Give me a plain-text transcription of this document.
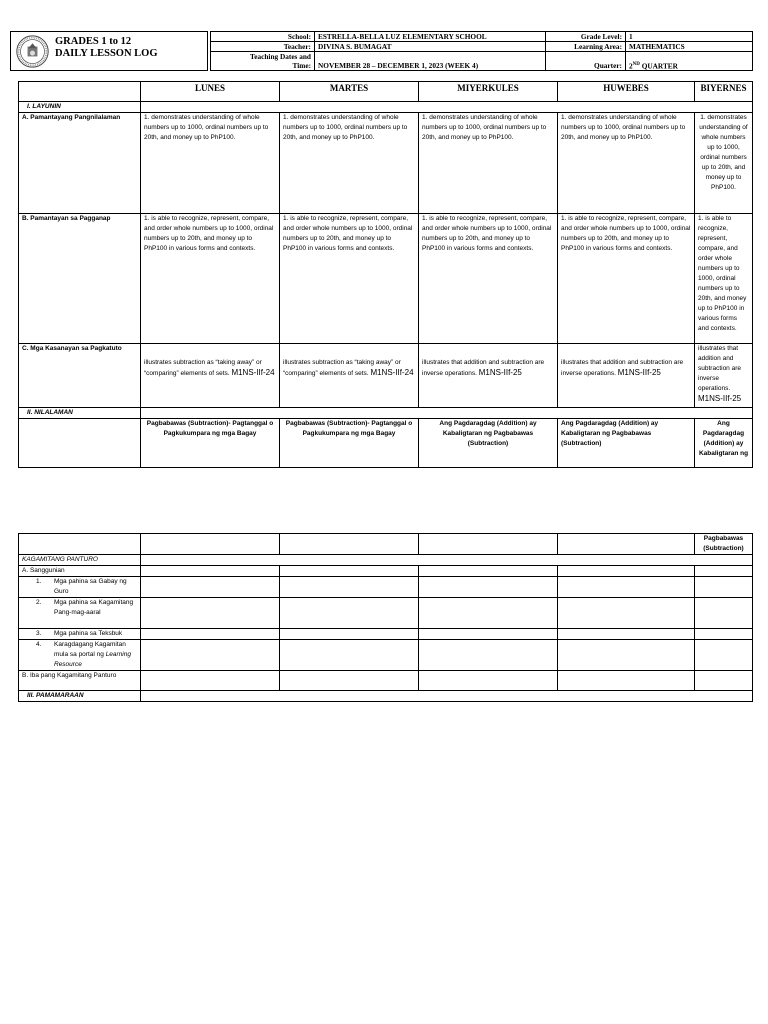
GRADES 1 to 12
DAILY LESSON LOG
School:	ESTRELLA-BELLA LUZ ELEMENTARY SCHOOL	Grade Level:	1
Teacher:	DIVINA S. BUMAGAT	Learning Area:	MATHEMATICS

Teaching Dates and
Time:	NOVEMBER 28 – DECEMBER 1, 2023 (WEEK 4)	Quarter:	2ND QUARTER
	LUNES	MARTES	MIYERKULES	HUWEBES	BIYERNES
I. LAYUNIN					
A. Pamantayang Pangnilalaman	1. demonstrates understanding of whole numbers up to 1000, ordinal numbers up to 20th, and money up to PhP100.	1. demonstrates understanding of whole numbers up to 1000, ordinal numbers up to 20th, and money up to PhP100.	1. demonstrates understanding of whole numbers up to 1000, ordinal numbers up to 20th, and money up to PhP100.	1. demonstrates understanding of whole numbers up to 1000, ordinal numbers up to 20th, and money up to PhP100.	1. demonstrates understanding of whole numbers up to 1000, ordinal numbers up to 20th, and money up to PhP100.
B. Pamantayan sa Pagganap	1. is able to recognize, represent, compare, and order whole numbers up to 1000, ordinal numbers up to 20th, and money up to PhP100 in various forms and contexts.	1. is able to recognize, represent, compare, and order whole numbers up to 1000, ordinal numbers up to 20th, and money up to PhP100 in various forms and contexts.	1. is able to recognize, represent, compare, and order whole numbers up to 1000, ordinal numbers up to 20th, and money up to PhP100 in various forms and contexts.	1. is able to recognize, represent, compare, and order whole numbers up to 1000, ordinal numbers up to 20th, and money up to PhP100 in various forms and contexts.	1. is able to recognize, represent, compare, and order whole numbers up to 1000, ordinal numbers up to 20th, and money up to PhP100 in various forms and contexts.
C. Mga Kasanayan sa Pagkatuto	illustrates subtraction as “taking away” or “comparing” elements of sets. M1NS-IIf-24	illustrates subtraction as “taking away” or “comparing” elements of sets. M1NS-IIf-24	illustrates that addition and subtraction are inverse operations. M1NS-IIf-25	illustrates that addition and subtraction are inverse operations. M1NS-IIf-25	illustrates that addition and subtraction are inverse operations. M1NS-IIf-25
II. NILALAMAN					
	Pagbabawas (Subtraction)- Pagtanggal o Pagkukumpara ng mga Bagay	Pagbabawas (Subtraction)- Pagtanggal o Pagkukumpara ng mga Bagay	Ang Pagdaragdag (Addition) ay Kabaligtaran ng Pagbabawas (Subtraction)	Ang Pagdaragdag (Addition) ay Kabaligtaran ng Pagbabawas (Subtraction)	Ang Pagdaragdag (Addition) ay Kabaligtaran ng
					Pagbabawas (Subtraction)
KAGAMITANG PANTURO					
A. Sanggunian					

1. Mga pahina sa Gabay ng Guro					

2. Mga pahina sa Kagamitang Pang-mag-aaral					

3. Mga pahina sa Teksbuk					

4. Karagdagang Kagamitan mula sa portal ng Learning Resource					

B. Iba pang Kagamitang Panturo					
III. PAMAMARAAN					
